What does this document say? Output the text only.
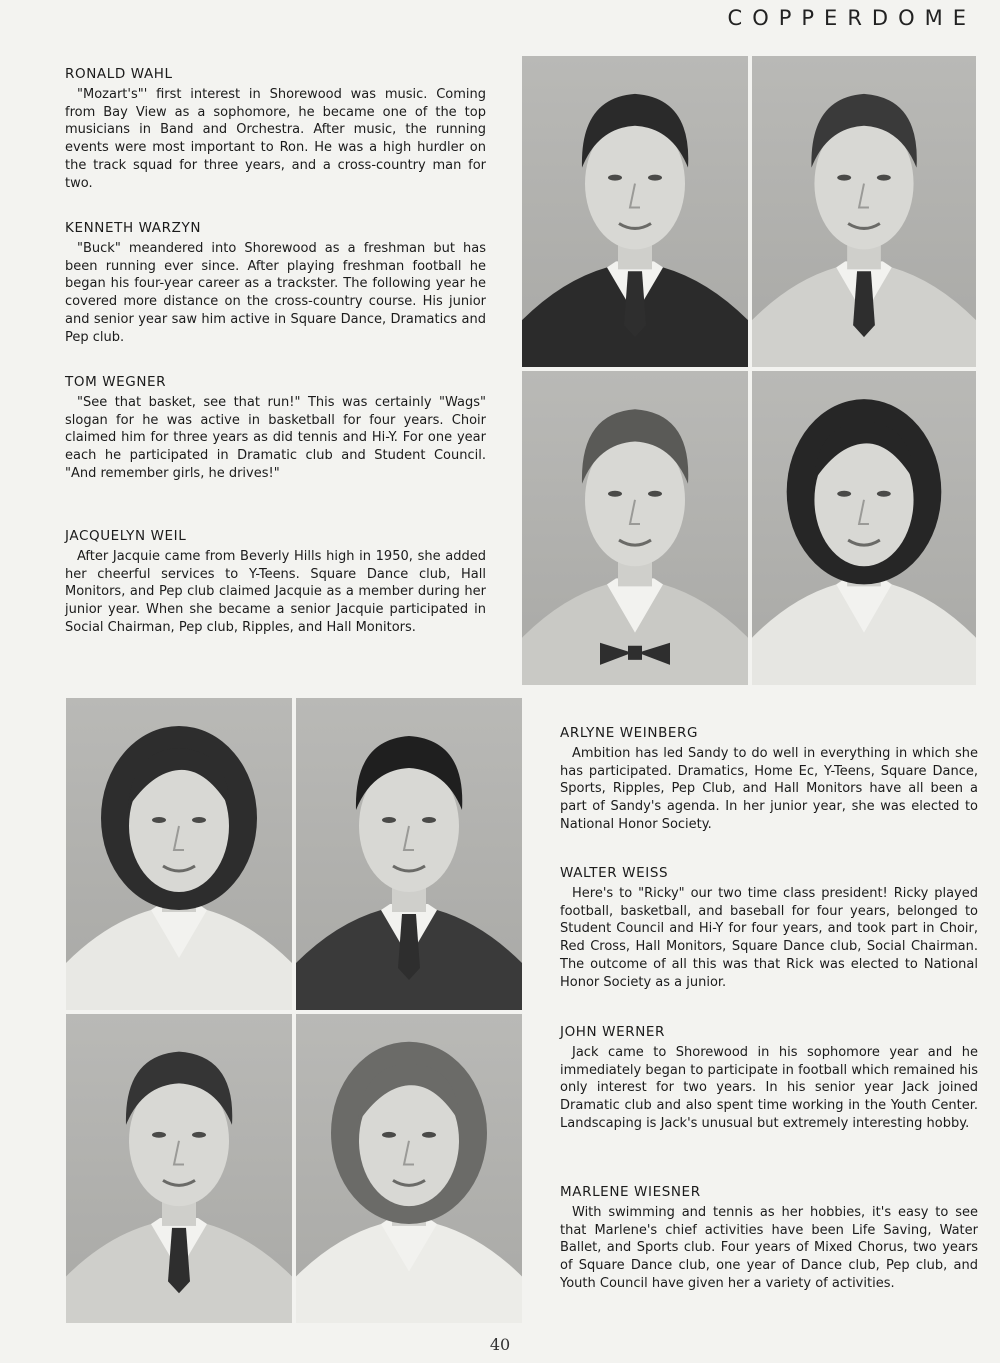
COPPERDOME
RONALD WAHL
"Mozart's"' first interest in Shorewood was music. Coming from Bay View as a sophomore, he became one of the top musicians in Band and Orchestra. After music, the running events were most important to Ron. He was a high hurdler on the track squad for three years, and a cross-country man for two.
KENNETH WARZYN
"Buck" meandered into Shorewood as a freshman but has been running ever since. After playing freshman football he began his four-year career as a trackster. The following year he covered more distance on the cross-country course. His junior and senior year saw him active in Square Dance, Dramatics and Pep club.
TOM WEGNER
"See that basket, see that run!" This was certainly "Wags" slogan for he was active in basketball for four years. Choir claimed him for three years as did tennis and Hi-Y. For one year each he participated in Dramatic club and Student Council. "And remember girls, he drives!"
JACQUELYN WEIL
After Jacquie came from Beverly Hills high in 1950, she added her cheerful services to Y-Teens. Square Dance club, Hall Monitors, and Pep club claimed Jacquie as a member during her junior year. When she became a senior Jacquie participated in Social Chairman, Pep club, Ripples, and Hall Monitors.
ARLYNE WEINBERG
Ambition has led Sandy to do well in everything in which she has participated. Dramatics, Home Ec, Y-Teens, Square Dance, Sports, Ripples, Pep Club, and Hall Monitors have all been a part of Sandy's agenda. In her junior year, she was elected to National Honor Society.
WALTER WEISS
Here's to "Ricky" our two time class president! Ricky played football, basketball, and baseball for four years, belonged to Student Council and Hi-Y for four years, and took part in Choir, Red Cross, Hall Monitors, Square Dance club, Social Chairman. The outcome of all this was that Rick was elected to National Honor Society as a junior.
JOHN WERNER
Jack came to Shorewood in his sophomore year and he immediately began to participate in football which remained his only interest for two years. In his senior year Jack joined Dramatic club and also spent time working in the Youth Center. Landscaping is Jack's unusual but extremely interesting hobby.
MARLENE WIESNER
With swimming and tennis as her hobbies, it's easy to see that Marlene's chief activities have been Life Saving, Water Ballet, and Sports club. Four years of Mixed Chorus, two years of Square Dance club, one year of Dance club, Pep club, and Youth Council have given her a variety of activities.
40
